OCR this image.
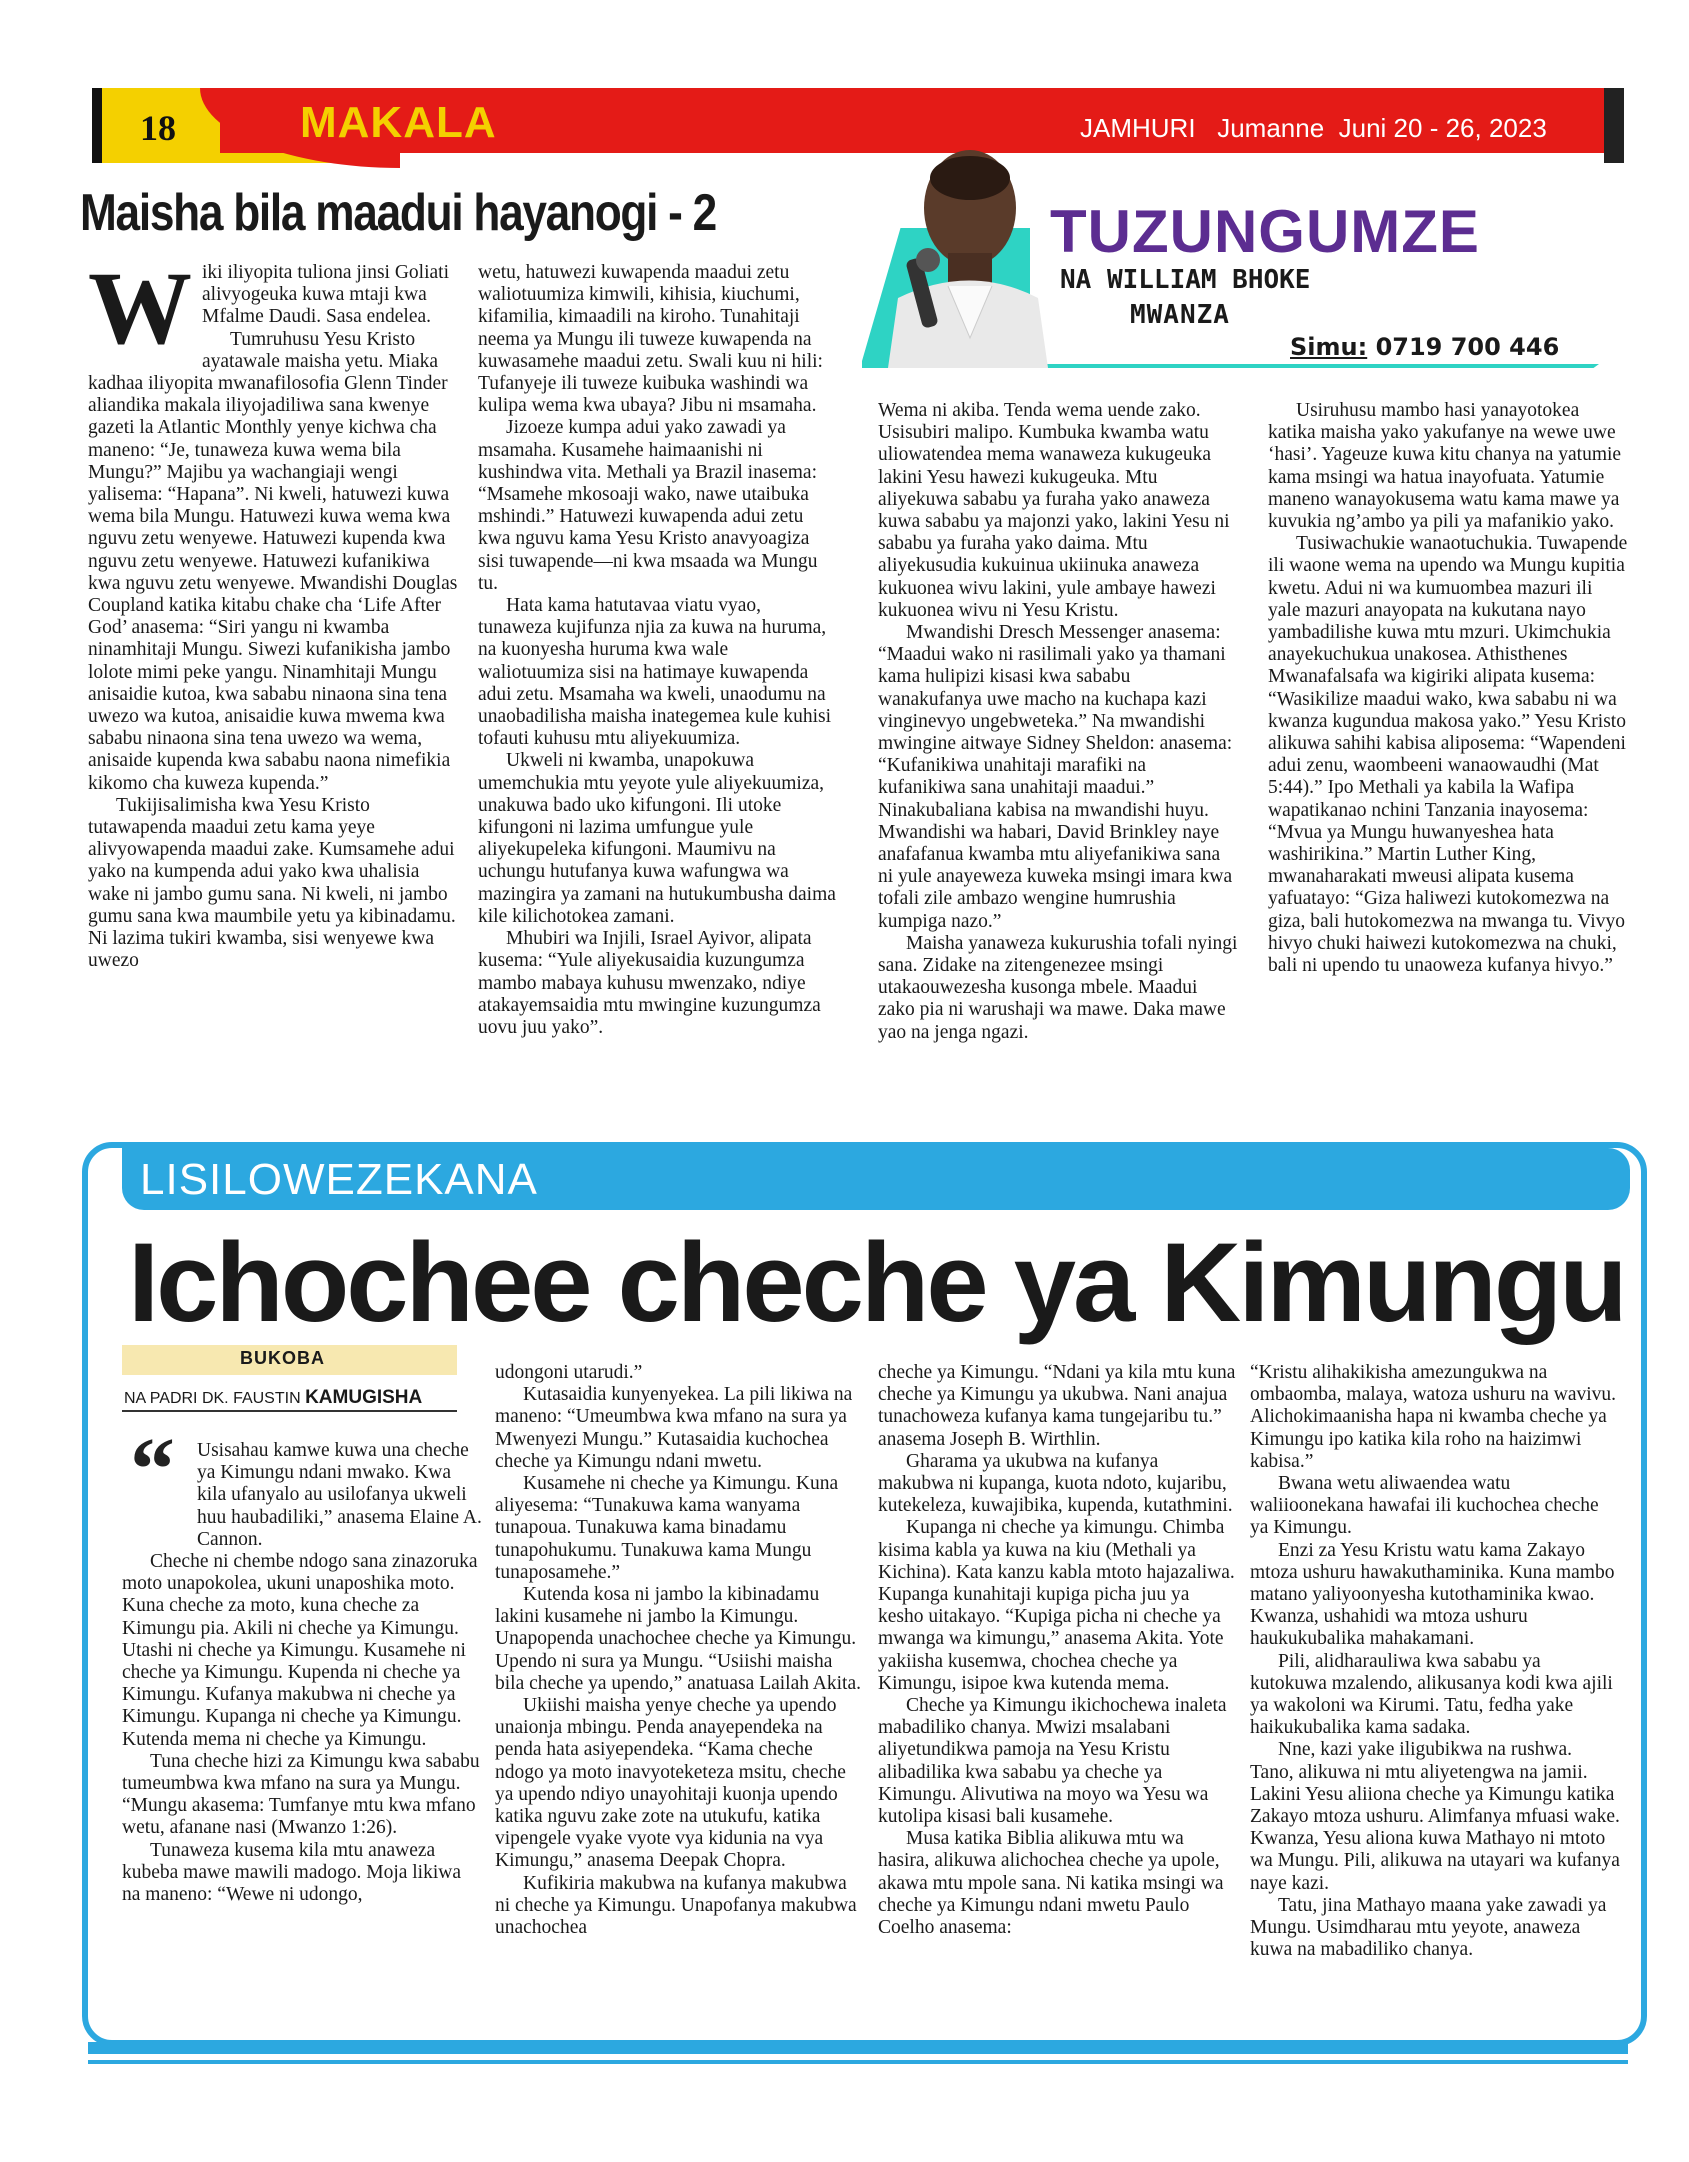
18	MAKALA	JAMHURI   Jumanne  Juni 20 - 26, 2023
Maisha bila maadui hayanogi - 2	TUZUNGUMZE
NA WILLIAM BHOKE
MWANZA
Simu: 0719 700 446

Wiki iliyopita tuliona jinsi Goliati alivyogeuka kuwa mtaji kwa Mfalme Daudi. Sasa endelea.

Tumruhusu Yesu Kristo ayatawale maisha yetu. Miaka kadhaa iliyopita mwanafilosofia Glenn Tinder aliandika makala iliyojadiliwa sana kwenye gazeti la Atlantic Monthly yenye kichwa cha maneno: “Je, tunaweza kuwa wema bila Mungu?” Majibu ya wachangiaji wengi yalisema: “Hapana”. Ni kweli, hatuwezi kuwa wema bila Mungu. Hatuwezi kuwa wema kwa nguvu zetu wenyewe. Hatuwezi kupenda kwa nguvu zetu wenyewe. Hatuwezi kufanikiwa kwa nguvu zetu wenyewe. Mwandishi Douglas Coupland katika kitabu chake cha ‘Life After God’ anasema: “Siri yangu ni kwamba ninamhitaji Mungu. Siwezi kufanikisha jambo lolote mimi peke yangu. Ninamhitaji Mungu anisaidie kutoa, kwa sababu ninaona sina tena uwezo wa kutoa, anisaidie kuwa mwema kwa sababu ninaona sina tena uwezo wa wema, anisaide kupenda kwa sababu naona nimefikia kikomo cha kuweza kupenda.”

Tukijisalimisha kwa Yesu Kristo tutawapenda maadui zetu kama yeye alivyowapenda maadui zake. Kumsamehe adui yako na kumpenda adui yako kwa uhalisia wake ni jambo gumu sana. Ni kweli, ni jambo gumu sana kwa maumbile yetu ya kibinadamu. Ni lazima tukiri kwamba, sisi wenyewe kwa uwezo

wetu, hatuwezi kuwapenda maadui zetu waliotuumiza kimwili, kihisia, kiuchumi, kifamilia, kimaadili na kiroho. Tunahitaji neema ya Mungu ili tuweze kuwapenda na kuwasamehe maadui zetu. Swali kuu ni hili: Tufanyeje ili tuweze kuibuka washindi wa kulipa wema kwa ubaya? Jibu ni msamaha.

Jizoeze kumpa adui yako zawadi ya msamaha. Kusamehe haimaanishi ni kushindwa vita. Methali ya Brazil inasema: “Msamehe mkosoaji wako, nawe utaibuka mshindi.” Hatuwezi kuwapenda adui zetu kwa nguvu kama Yesu Kristo anavyoagiza sisi tuwapende—ni kwa msaada wa Mungu tu.

Hata kama hatutavaa viatu vyao, tunaweza kujifunza njia za kuwa na huruma, na kuonyesha huruma kwa wale waliotuumiza sisi na hatimaye kuwapenda adui zetu. Msamaha wa kweli, unaodumu na unaobadilisha maisha inategemea kule kuhisi tofauti kuhusu mtu aliyekuumiza.

Ukweli ni kwamba, unapokuwa umemchukia mtu yeyote yule aliyekuumiza, unakuwa bado uko kifungoni. Ili utoke kifungoni ni lazima umfungue yule aliyekupeleka kifungoni. Maumivu na uchungu hutufanya kuwa wafungwa wa mazingira ya zamani na hutukumbusha daima kile kilichotokea zamani.

Mhubiri wa Injili, Israel Ayivor, alipata kusema: “Yule aliyekusaidia kuzungumza mambo mabaya kuhusu mwenzako, ndiye atakayemsaidia mtu mwingine kuzungumza uovu juu yako”.

Wema ni akiba. Tenda wema uende zako. Usisubiri malipo. Kumbuka kwamba watu uliowatendea mema wanaweza kukugeuka lakini Yesu hawezi kukugeuka. Mtu aliyekuwa sababu ya furaha yako anaweza kuwa sababu ya majonzi yako, lakini Yesu ni sababu ya furaha yako daima. Mtu aliyekusudia kukuinua ukiinuka anaweza kukuonea wivu lakini, yule ambaye hawezi kukuonea wivu ni Yesu Kristu.

Mwandishi Dresch Messenger anasema: “Maadui wako ni rasilimali yako ya thamani kama hulipizi kisasi kwa sababu wanakufanya uwe macho na kuchapa kazi vinginevyo ungebweteka.” Na mwandishi mwingine aitwaye Sidney Sheldon: anasema: “Kufanikiwa unahitaji marafiki na kufanikiwa sana unahitaji maadui.” Ninakubaliana kabisa na mwandishi huyu. Mwandishi wa habari, David Brinkley naye anafafanua kwamba mtu aliyefanikiwa sana ni yule anayeweza kuweka msingi imara kwa tofali zile ambazo wengine humrushia kumpiga nazo.”

Maisha yanaweza kukurushia tofali nyingi sana. Zidake na zitengenezee msingi utakaouwezesha kusonga mbele. Maadui zako pia ni warushaji wa mawe. Daka mawe yao na jenga ngazi.

Usiruhusu mambo hasi yanayotokea katika maisha yako yakufanye na wewe uwe ‘hasi’. Yageuze kuwa kitu chanya na yatumie kama msingi wa hatua inayofuata. Yatumie maneno wanayokusema watu kama mawe ya kuvukia ng’ambo ya pili ya mafanikio yako.

Tusiwachukie wanaotuchukia. Tuwapende ili waone wema na upendo wa Mungu kupitia kwetu. Adui ni wa kumuombea mazuri ili yale mazuri anayopata na kukutana nayo yambadilishe kuwa mtu mzuri. Ukimchukia anayekuchukua unakosea. Athisthenes Mwanafalsafa wa kigiriki alipata kusema: “Wasikilize maadui wako, kwa sababu ni wa kwanza kugundua makosa yako.” Yesu Kristo alikuwa sahihi kabisa aliposema: “Wapendeni adui zenu, waombeeni wanaowaudhi (Mat 5:44).” Ipo Methali ya kabila la Wafipa wapatikanao nchini Tanzania inayosema: “Mvua ya Mungu huwanyeshea hata washirikina.” Martin Luther King, mwanaharakati mweusi alipata kusema yafuatayo: “Giza haliwezi kutokomezwa na giza, bali hutokomezwa na mwanga tu. Vivyo hivyo chuki haiwezi kutokomezwa na chuki, bali ni upendo tu unaoweza kufanya hivyo.”

LISILOWEZEKANA
Ichochee cheche ya Kimungu
BUKOBA
NA PADRI DK. FAUSTIN KAMUGISHA
“ Usisahau kamwe kuwa una cheche ya Kimungu ndani mwako. Kwa kila ufanyalo au usilofanya ukweli huu haubadiliki,” anasema Elaine A. Cannon.

Cheche ni chembe ndogo sana zinazoruka moto unapokolea, ukuni unaposhika moto. Kuna cheche za moto, kuna cheche za Kimungu pia. Akili ni cheche ya Kimungu. Utashi ni cheche ya Kimungu. Kusamehe ni cheche ya Kimungu. Kupenda ni cheche ya Kimungu. Kufanya makubwa ni cheche ya Kimungu. Kupanga ni cheche ya Kimungu. Kutenda mema ni cheche ya Kimungu.

Tuna cheche hizi za Kimungu kwa sababu tumeumbwa kwa mfano na sura ya Mungu. “Mungu akasema: Tumfanye mtu kwa mfano wetu, afanane nasi (Mwanzo 1:26).

Tunaweza kusema kila mtu anaweza kubeba mawe mawili madogo. Moja likiwa na maneno: “Wewe ni udongo,

udongoni utarudi.”

Kutasaidia kunyenyekea. La pili likiwa na maneno: “Umeumbwa kwa mfano na sura ya Mwenyezi Mungu.” Kutasaidia kuchochea cheche ya Kimungu ndani mwetu.

Kusamehe ni cheche ya Kimungu. Kuna aliyesema: “Tunakuwa kama wanyama tunapoua. Tunakuwa kama binadamu tunapohukumu. Tunakuwa kama Mungu tunaposamehe.”

Kutenda kosa ni jambo la kibinadamu lakini kusamehe ni jambo la Kimungu. Unapopenda unachochee cheche ya Kimungu. Upendo ni sura ya Mungu. “Usiishi maisha bila cheche ya upendo,” anatuasa Lailah Akita.

Ukiishi maisha yenye cheche ya upendo unaionja mbingu. Penda anayependeka na penda hata asiyependeka. “Kama cheche ndogo ya moto inavyoteketeza msitu, cheche ya upendo ndiyo unayohitaji kuonja upendo katika nguvu zake zote na utukufu, katika vipengele vyake vyote vya kidunia na vya Kimungu,” anasema Deepak Chopra.

Kufikiria makubwa na kufanya makubwa ni cheche ya Kimungu. Unapofanya makubwa unachochea

cheche ya Kimungu. “Ndani ya kila mtu kuna cheche ya Kimungu ya ukubwa. Nani anajua tunachoweza kufanya kama tungejaribu tu.” anasema Joseph B. Wirthlin.

Gharama ya ukubwa na kufanya makubwa ni kupanga, kuota ndoto, kujaribu, kutekeleza, kuwajibika, kupenda, kutathmini.

Kupanga ni cheche ya kimungu. Chimba kisima kabla ya kuwa na kiu (Methali ya Kichina). Kata kanzu kabla mtoto hajazaliwa. Kupanga kunahitaji kupiga picha juu ya kesho uitakayo. “Kupiga picha ni cheche ya mwanga wa kimungu,” anasema Akita. Yote yakiisha kusemwa, chochea cheche ya Kimungu, isipoe kwa kutenda mema.

Cheche ya Kimungu ikichochewa inaleta mabadiliko chanya. Mwizi msalabani aliyetundikwa pamoja na Yesu Kristu alibadilika kwa sababu ya cheche ya Kimungu. Alivutiwa na moyo wa Yesu wa kutolipa kisasi bali kusamehe.

Musa katika Biblia alikuwa mtu wa hasira, alikuwa alichochea cheche ya upole, akawa mtu mpole sana. Ni katika msingi wa cheche ya Kimungu ndani mwetu Paulo Coelho anasema:

“Kristu alihakikisha amezungukwa na ombaomba, malaya, watoza ushuru na wavivu. Alichokimaanisha hapa ni kwamba cheche ya Kimungu ipo katika kila roho na haizimwi kabisa.”

Bwana wetu aliwaendea watu waliioonekana hawafai ili kuchochea cheche ya Kimungu.

Enzi za Yesu Kristu watu kama Zakayo mtoza ushuru hawakuthaminika. Kuna mambo matano yaliyoonyesha kutothaminika kwao. Kwanza, ushahidi wa mtoza ushuru haukukubalika mahakamani.

Pili, alidharauliwa kwa sababu ya kutokuwa mzalendo, alikusanya kodi kwa ajili ya wakoloni wa Kirumi. Tatu, fedha yake haikukubalika kama sadaka.

Nne, kazi yake iligubikwa na rushwa. Tano, alikuwa ni mtu aliyetengwa na jamii. Lakini Yesu aliiona cheche ya Kimungu katika Zakayo mtoza ushuru. Alimfanya mfuasi wake. Kwanza, Yesu aliona kuwa Mathayo ni mtoto wa Mungu. Pili, alikuwa na utayari wa kufanya naye kazi.

Tatu, jina Mathayo maana yake zawadi ya Mungu. Usimdharau mtu yeyote, anaweza kuwa na mabadiliko chanya.
